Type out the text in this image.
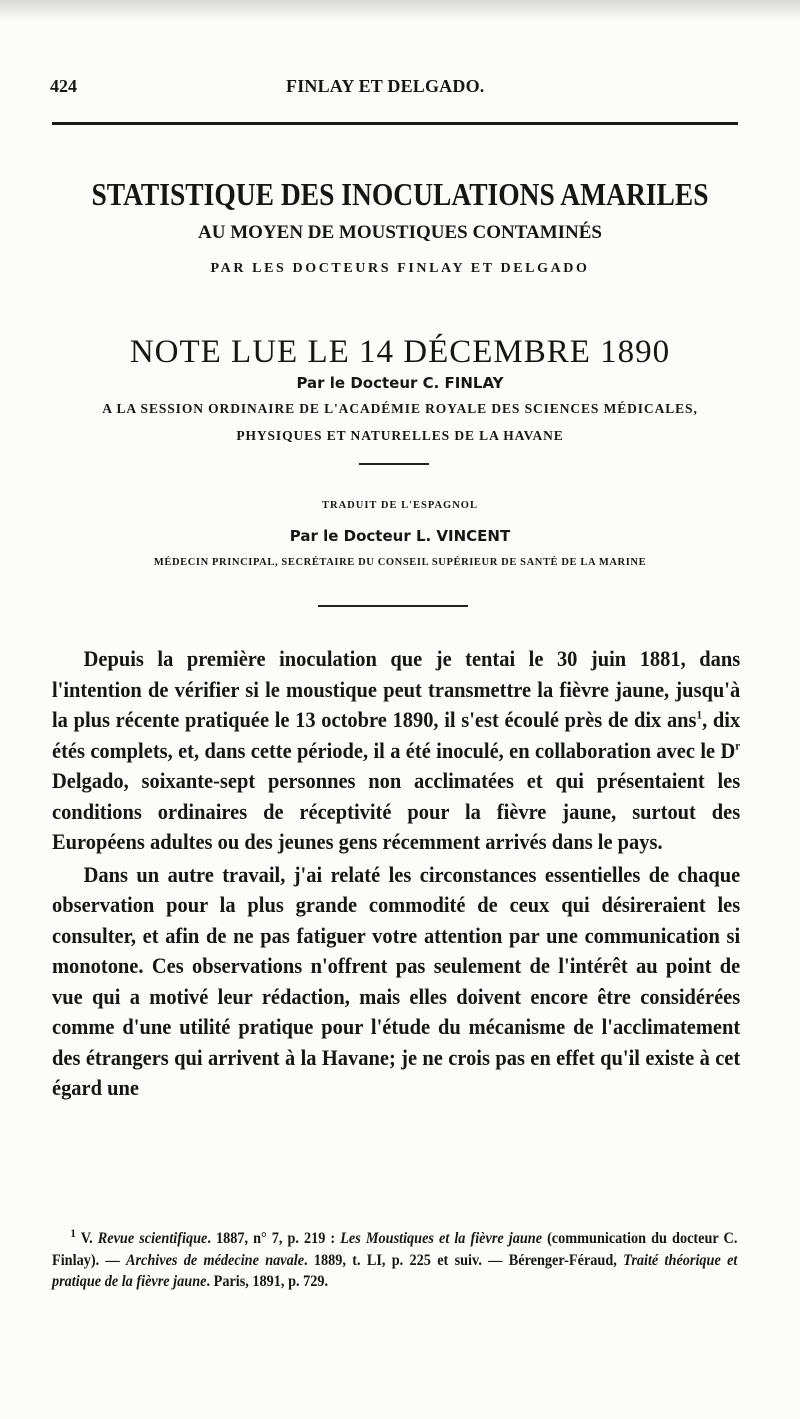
424	FINLAY ET DELGADO.
STATISTIQUE DES INOCULATIONS AMARILES
AU MOYEN DE MOUSTIQUES CONTAMINÉS
PAR LES DOCTEURS FINLAY ET DELGADO
NOTE LUE LE 14 DÉCEMBRE 1890
Par le Docteur C. FINLAY
A LA SESSION ORDINAIRE DE L'ACADÉMIE ROYALE DES SCIENCES MÉDICALES,
PHYSIQUES ET NATURELLES DE LA HAVANE
TRADUIT DE L'ESPAGNOL
Par le Docteur L. VINCENT
MÉDECIN PRINCIPAL, SECRÉTAIRE DU CONSEIL SUPÉRIEUR DE SANTÉ DE LA MARINE

Depuis la première inoculation que je tentai le 30 juin 1881, dans l'intention de vérifier si le moustique peut transmettre la fièvre jaune, jusqu'à la plus récente pratiquée le 13 octobre 1890, il s'est écoulé près de dix ans$^1$, dix étés complets, et, dans cette période, il a été inoculé, en collaboration avec le $D^r$ Delgado, soixante-sept personnes non acclimatées et qui présentaient les conditions ordinaires de réceptivité pour la fièvre jaune, surtout des Européens adultes ou des jeunes gens récemment arrivés dans le pays.

Dans un autre travail, j'ai relaté les circonstances essentielles de chaque observation pour la plus grande commodité de ceux qui désireraient les consulter, et afin de ne pas fatiguer votre attention par une communication si monotone. Ces observations n'offrent pas seulement de l'intérêt au point de vue qui a motivé leur rédaction, mais elles doivent encore être considérées comme d'une utilité pratique pour l'étude du mécanisme de l'acclimatement des étrangers qui arrivent à la Havane; je ne crois pas en effet qu'il existe à cet égard une

$^1$ V. Revue scientifique. 1887, n° 7, p. 219 : Les Moustiques et la fièvre jaune (communication du docteur C. Finlay). — Archives de médecine navale. 1889, t. LI, p. 225 et suiv. — Bérenger-Féraud, Traité théorique et pratique de la fièvre jaune. Paris, 1891, p. 729.
